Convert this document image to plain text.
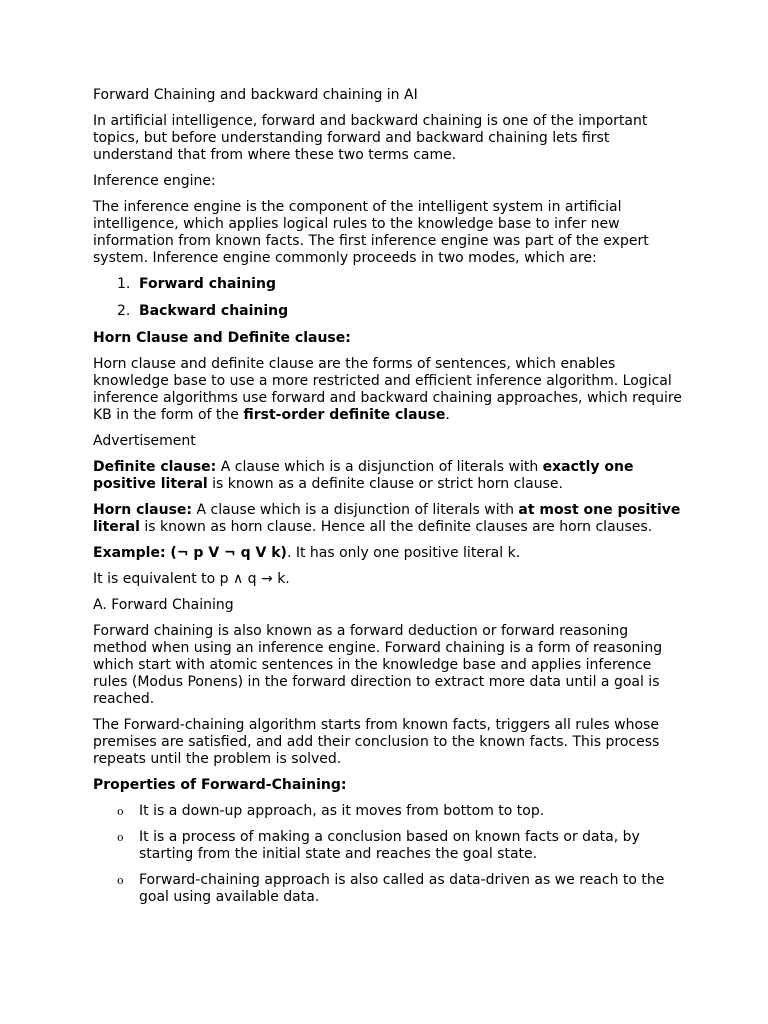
Forward Chaining and backward chaining in AI

In artificial intelligence, forward and backward chaining is one of the important topics, but before understanding forward and backward chaining lets first understand that from where these two terms came.

Inference engine:

The inference engine is the component of the intelligent system in artificial intelligence, which applies logical rules to the knowledge base to infer new information from known facts. The first inference engine was part of the expert system. Inference engine commonly proceeds in two modes, which are:

1. Forward chaining
2. Backward chaining

Horn Clause and Definite clause:

Horn clause and definite clause are the forms of sentences, which enables knowledge base to use a more restricted and efficient inference algorithm. Logical inference algorithms use forward and backward chaining approaches, which require KB in the form of the first-order definite clause.

Advertisement

Definite clause: A clause which is a disjunction of literals with exactly one positive literal is known as a definite clause or strict horn clause.

Horn clause: A clause which is a disjunction of literals with at most one positive literal is known as horn clause. Hence all the definite clauses are horn clauses.

Example: (¬ p V ¬ q V k). It has only one positive literal k.

It is equivalent to p ∧ q → k.

A. Forward Chaining

Forward chaining is also known as a forward deduction or forward reasoning method when using an inference engine. Forward chaining is a form of reasoning which start with atomic sentences in the knowledge base and applies inference rules (Modus Ponens) in the forward direction to extract more data until a goal is reached.

The Forward-chaining algorithm starts from known facts, triggers all rules whose premises are satisfied, and add their conclusion to the known facts. This process repeats until the problem is solved.

Properties of Forward-Chaining:

o It is a down-up approach, as it moves from bottom to top.
o It is a process of making a conclusion based on known facts or data, by starting from the initial state and reaches the goal state.
o Forward-chaining approach is also called as data-driven as we reach to the goal using available data.
